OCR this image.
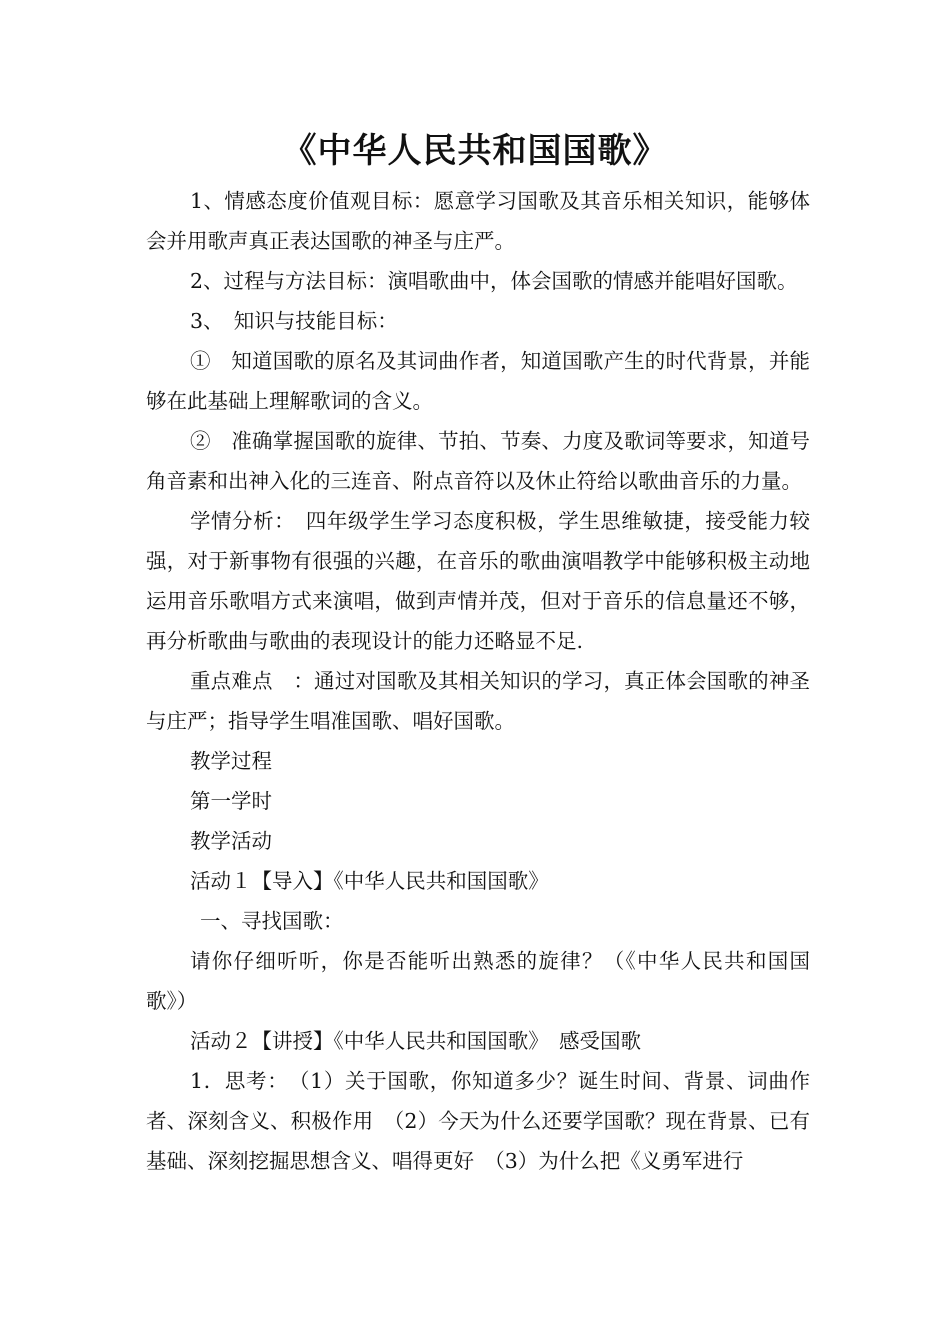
《中华人民共和国国歌》

1、情感态度价值观目标：愿意学习国歌及其音乐相关知识，能够体会并用歌声真正表达国歌的神圣与庄严。

2、过程与方法目标：演唱歌曲中，体会国歌的情感并能唱好国歌。

3、　知识与技能目标：

①　知道国歌的原名及其词曲作者，知道国歌产生的时代背景，并能够在此基础上理解歌词的含义。

②　准确掌握国歌的旋律、节拍、节奏、力度及歌词等要求，知道号角音素和出神入化的三连音、附点音符以及休止符给以歌曲音乐的力量。

学情分析：　四年级学生学习态度积极，学生思维敏捷，接受能力较强，对于新事物有很强的兴趣，在音乐的歌曲演唱教学中能够积极主动地运用音乐歌唱方式来演唱，做到声情并茂，但对于音乐的信息量还不够，再分析歌曲与歌曲的表现设计的能力还略显不足.

重点难点　：通过对国歌及其相关知识的学习，真正体会国歌的神圣与庄严；指导学生唱准国歌、唱好国歌。

教学过程

第一学时

教学活动

活动１【导入】《中华人民共和国国歌》

一、寻找国歌：

请你仔细听听，你是否能听出熟悉的旋律？（《中华人民共和国国歌》）

活动２【讲授】《中华人民共和国国歌》　感受国歌

1．思考：　（1）关于国歌，你知道多少？诞生时间、背景、词曲作者、深刻含义、积极作用　（2）今天为什么还要学国歌？现在背景、已有基础、深刻挖掘思想含义、唱得更好　（3）为什么把《义勇军进行
